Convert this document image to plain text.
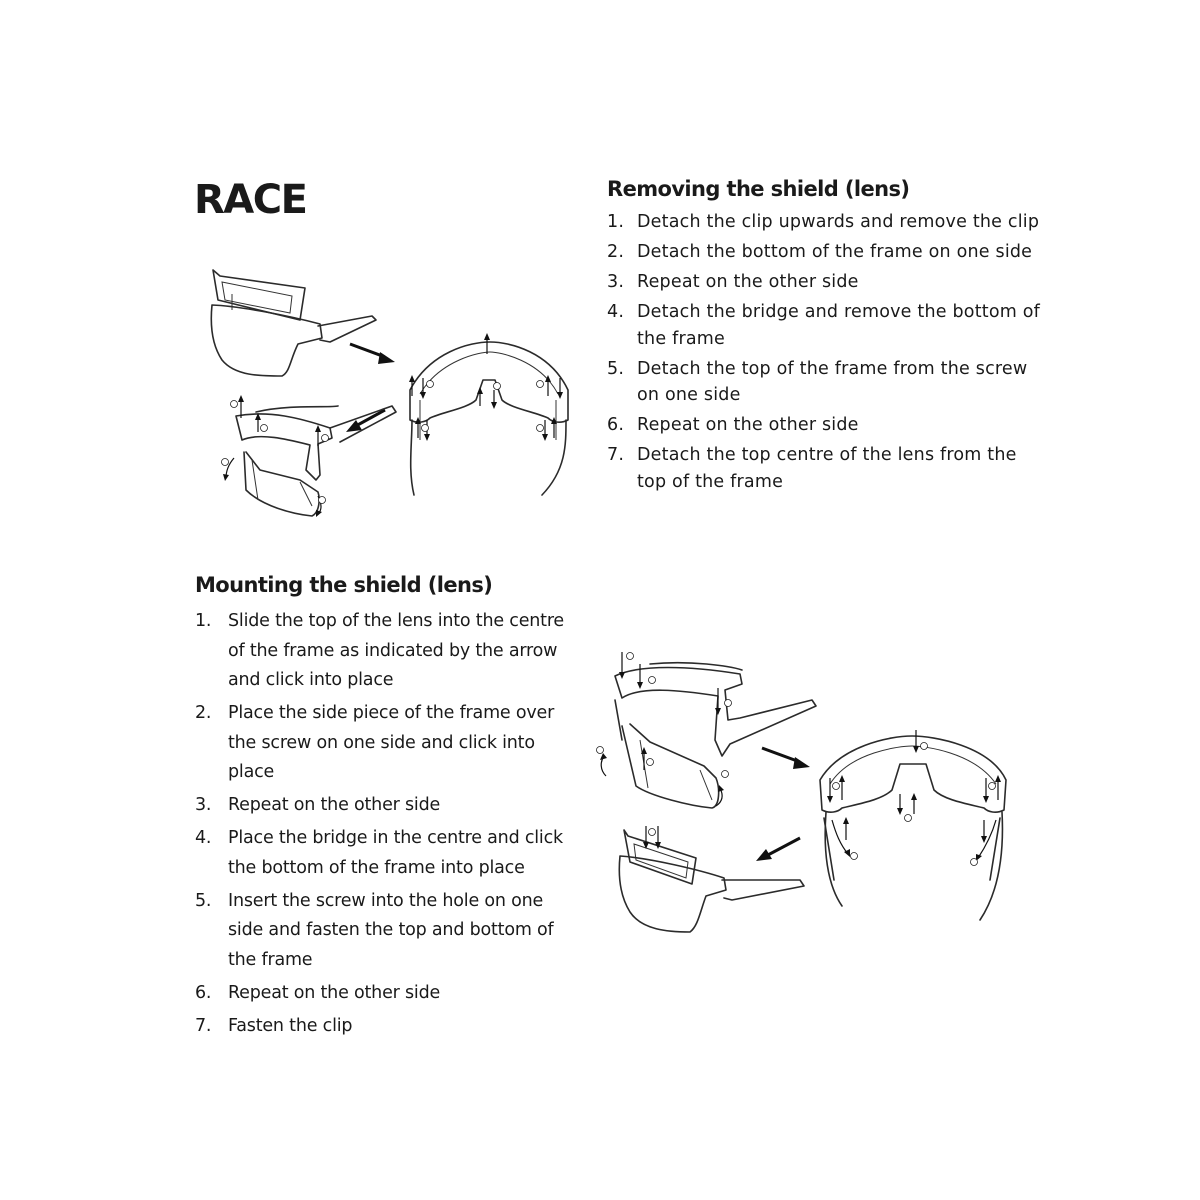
RACE	Removing the shield (lens)
1. Detach the clip upwards and remove the clip
2. Detach the bottom of the frame on one side
3. Repeat on the other side
4. Detach the bridge and remove the bottom of the frame
5. Detach the top of the frame from the screw on one side
6. Repeat on the other side
7. Detach the top centre of the lens from the top of the frame
Mounting the shield (lens)
1. Slide the top of the lens into the centre of the frame as indicated by the arrow and click into place
2. Place the side piece of the frame over the screw on one side and click into place
3. Repeat on the other side
4. Place the bridge in the centre and click the bottom of the frame into place
5. Insert the screw into the hole on one side and fasten the top and bottom of the frame
6. Repeat on the other side
7. Fasten the clip
